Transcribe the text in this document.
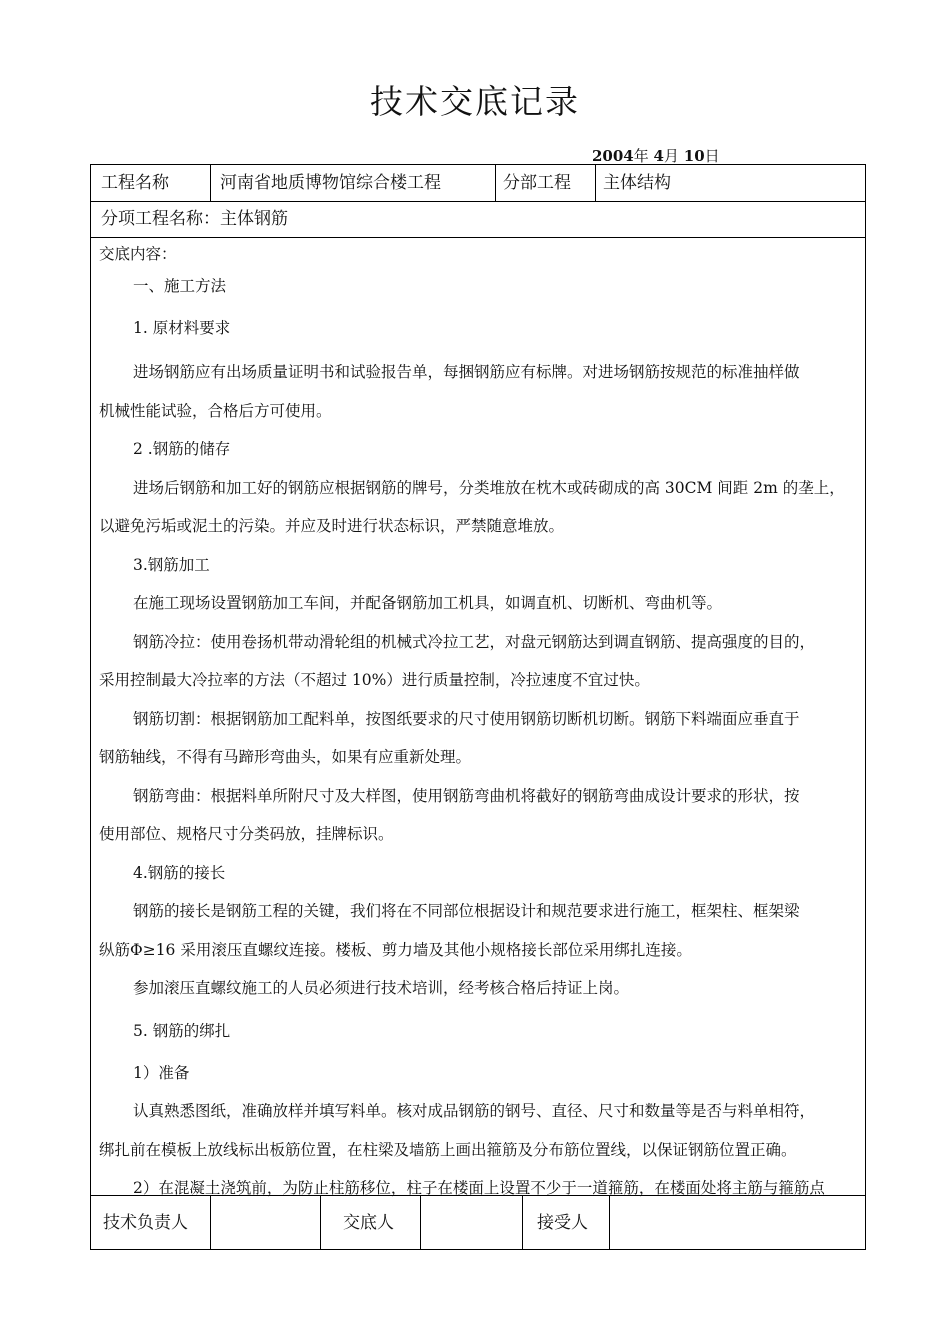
技术交底记录
2004年 4月 10日
工程名称	河南省地质博物馆综合楼工程	分部工程 主体结构
分项工程名称：主体钢筋

交底内容：

一、施工方法

1. 原材料要求

进场钢筋应有出场质量证明书和试验报告单，每捆钢筋应有标牌。对进场钢筋按规范的标准抽样做

机械性能试验，合格后方可使用。

2 .钢筋的储存

进场后钢筋和加工好的钢筋应根据钢筋的牌号，分类堆放在枕木或砖砌成的高 30CM 间距 2m 的垄上，

以避免污垢或泥土的污染。并应及时进行状态标识，严禁随意堆放。

3.钢筋加工

在施工现场设置钢筋加工车间，并配备钢筋加工机具，如调直机、切断机、弯曲机等。

钢筋冷拉：使用卷扬机带动滑轮组的机械式冷拉工艺，对盘元钢筋达到调直钢筋、提高强度的目的，

采用控制最大冷拉率的方法（不超过 10%）进行质量控制，冷拉速度不宜过快。

钢筋切割：根据钢筋加工配料单，按图纸要求的尺寸使用钢筋切断机切断。钢筋下料端面应垂直于

钢筋轴线，不得有马蹄形弯曲头，如果有应重新处理。

钢筋弯曲：根据料单所附尺寸及大样图，使用钢筋弯曲机将截好的钢筋弯曲成设计要求的形状，按

使用部位、规格尺寸分类码放，挂牌标识。

4.钢筋的接长

钢筋的接长是钢筋工程的关键，我们将在不同部位根据设计和规范要求进行施工，框架柱、框架梁

纵筋Φ≥16 采用滚压直螺纹连接。楼板、剪力墙及其他小规格接长部位采用绑扎连接。

参加滚压直螺纹施工的人员必须进行技术培训，经考核合格后持证上岗。

5. 钢筋的绑扎

1）准备

认真熟悉图纸，准确放样并填写料单。核对成品钢筋的钢号、直径、尺寸和数量等是否与料单相符，

绑扎前在模板上放线标出板筋位置，在柱梁及墙筋上画出箍筋及分布筋位置线，以保证钢筋位置正确。

2）在混凝土浇筑前，为防止柱筋移位，柱子在楼面上设置不少于一道箍筋，在楼面处将主筋与箍筋点

技术负责人	交底人	接受人
